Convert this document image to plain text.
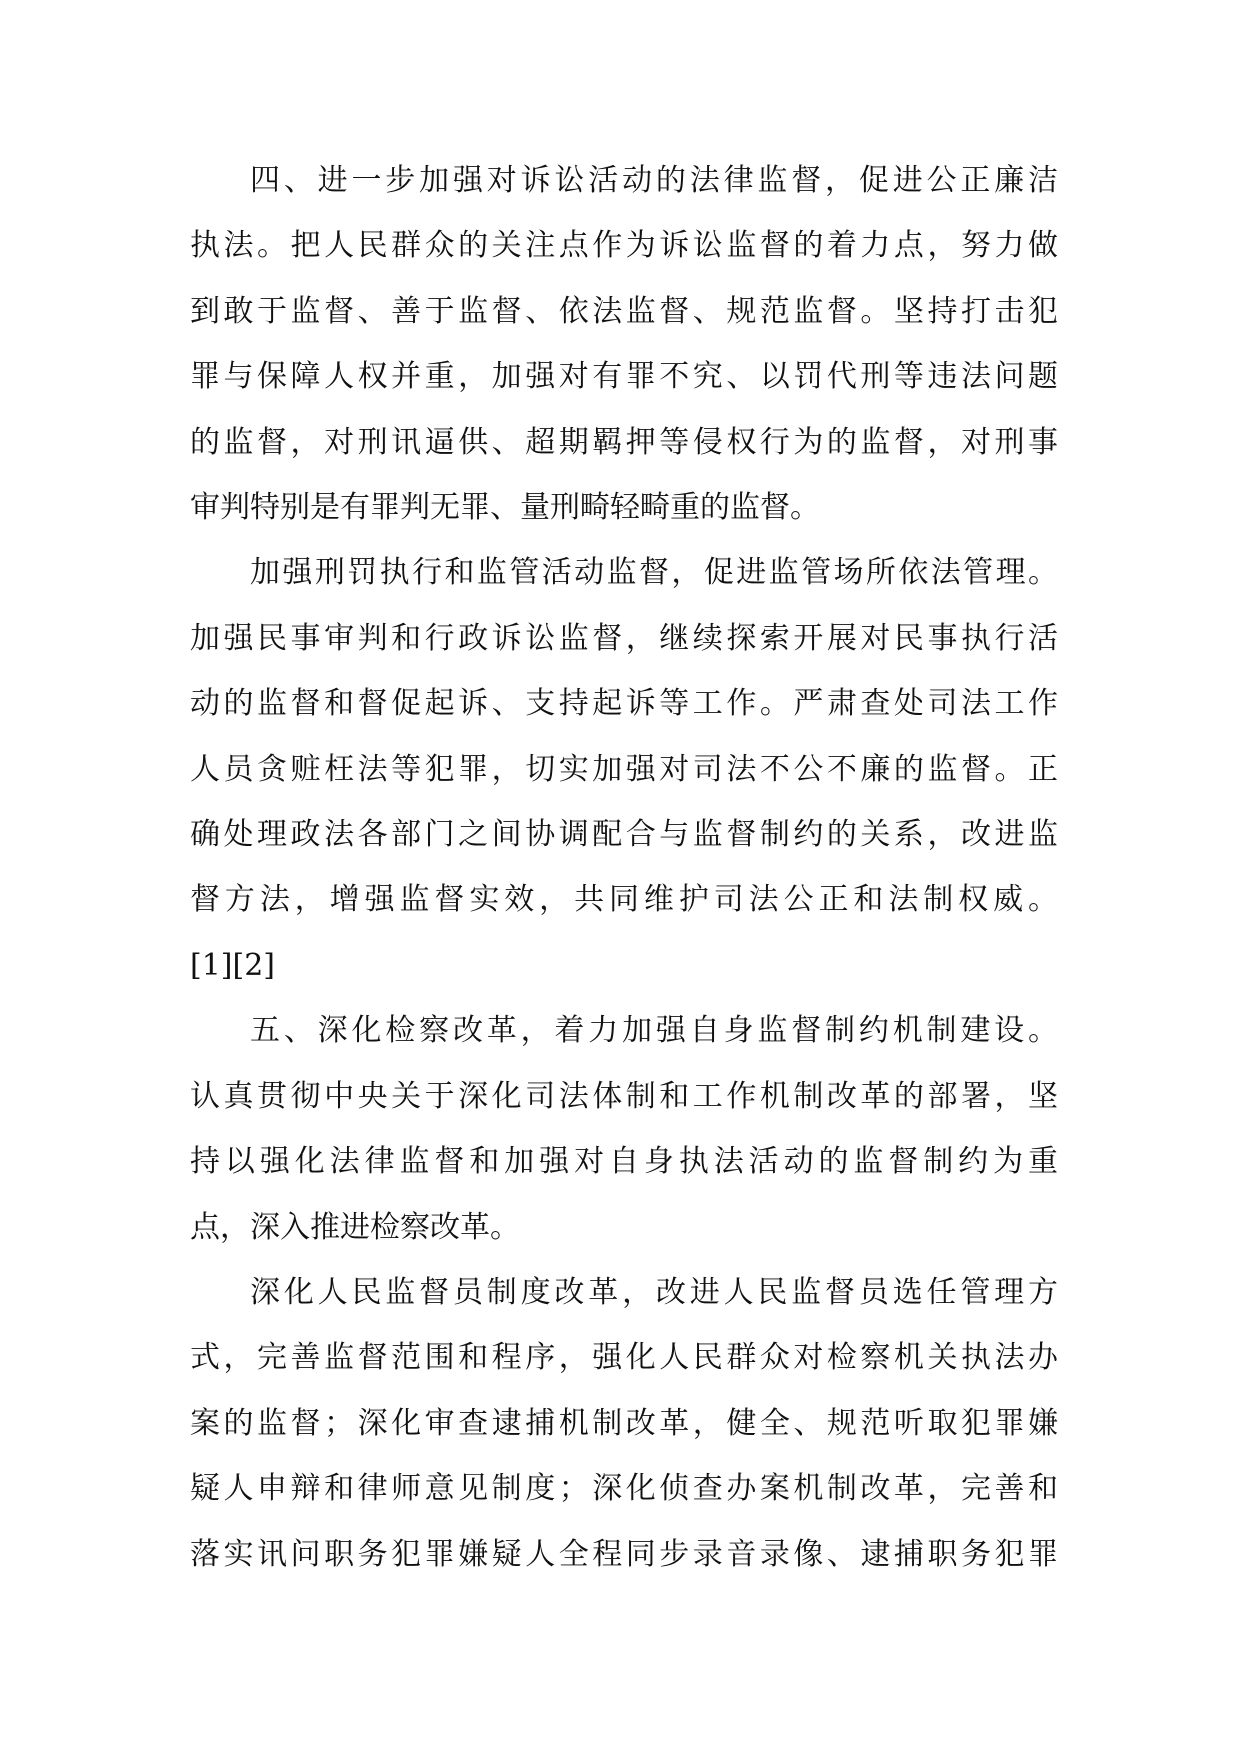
四、进一步加强对诉讼活动的法律监督，促进公正廉洁
执法。把人民群众的关注点作为诉讼监督的着力点，努力做
到敢于监督、善于监督、依法监督、规范监督。坚持打击犯
罪与保障人权并重，加强对有罪不究、以罚代刑等违法问题
的监督，对刑讯逼供、超期羁押等侵权行为的监督，对刑事
审判特别是有罪判无罪、量刑畸轻畸重的监督。
加强刑罚执行和监管活动监督，促进监管场所依法管理。
加强民事审判和行政诉讼监督，继续探索开展对民事执行活
动的监督和督促起诉、支持起诉等工作。严肃查处司法工作
人员贪赃枉法等犯罪，切实加强对司法不公不廉的监督。正
确处理政法各部门之间协调配合与监督制约的关系，改进监
督方法，增强监督实效，共同维护司法公正和法制权威。
[1][2]
五、深化检察改革，着力加强自身监督制约机制建设。
认真贯彻中央关于深化司法体制和工作机制改革的部署，坚
持以强化法律监督和加强对自身执法活动的监督制约为重
点，深入推进检察改革。
深化人民监督员制度改革，改进人民监督员选任管理方
式，完善监督范围和程序，强化人民群众对检察机关执法办
案的监督；深化审查逮捕机制改革，健全、规范听取犯罪嫌
疑人申辩和律师意见制度；深化侦查办案机制改革，完善和
落实讯问职务犯罪嫌疑人全程同步录音录像、逮捕职务犯罪
